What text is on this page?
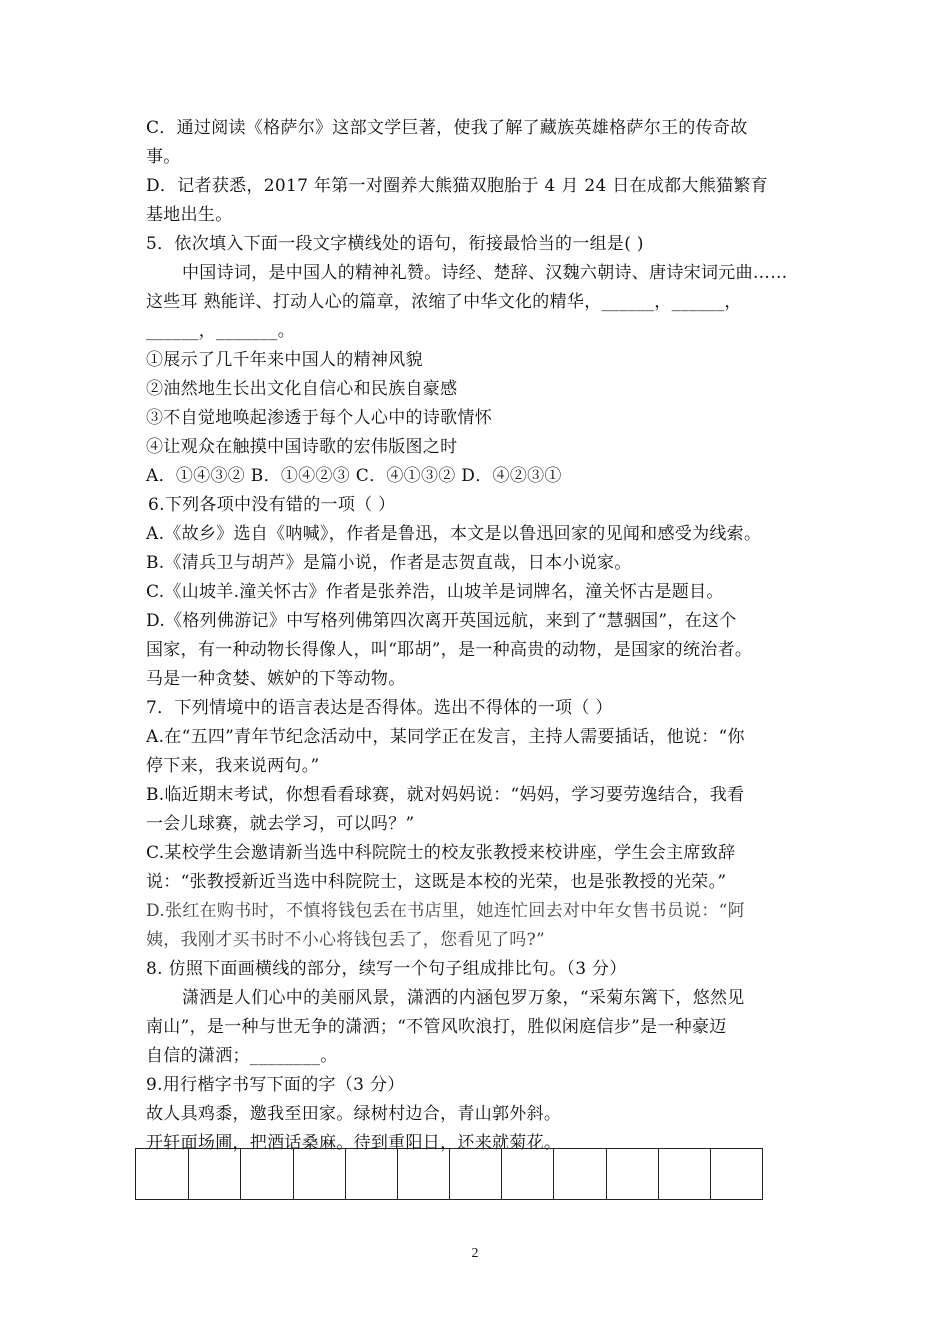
C．通过阅读《格萨尔》这部文学巨著，使我了解了藏族英雄格萨尔王的传奇故
事。
D．记者获悉，2017 年第一对圈养大熊猫双胞胎于 4 月 24 日在成都大熊猫繁育
基地出生。
5．依次填入下面一段文字横线处的语句，衔接最恰当的一组是( )
中国诗词，是中国人的精神礼赞。诗经、楚辞、汉魏六朝诗、唐诗宋词元曲……
这些耳 熟能详、打动人心的篇章，浓缩了中华文化的精华，______，______，
______，_______。
①展示了几千年来中国人的精神风貌
②油然地生长出文化自信心和民族自豪感
③不自觉地唤起渗透于每个人心中的诗歌情怀
④让观众在触摸中国诗歌的宏伟版图之时
A．①④③② B．①④②③ C．④①③② D．④②③①
6.下列各项中没有错的一项（ ）
A.《故乡》选自《呐喊》，作者是鲁迅，本文是以鲁迅回家的见闻和感受为线索。
B.《清兵卫与胡芦》是篇小说，作者是志贺直哉，日本小说家。
C.《山坡羊.潼关怀古》作者是张养浩，山坡羊是词牌名，潼关怀古是题目。
D.《格列佛游记》中写格列佛第四次离开英国远航，来到了“慧骃国”，在这个
国家，有一种动物长得像人，叫“耶胡”，是一种高贵的动物，是国家的统治者。
马是一种贪婪、嫉妒的下等动物。
7．下列情境中的语言表达是否得体。选出不得体的一项（ ）
A.在“五四”青年节纪念活动中，某同学正在发言，主持人需要插话，他说：“你
停下来，我来说两句。”
B.临近期末考试，你想看看球赛，就对妈妈说：“妈妈，学习要劳逸结合，我看
一会儿球赛，就去学习，可以吗？”
C.某校学生会邀请新当选中科院院士的校友张教授来校讲座，学生会主席致辞
说：“张教授新近当选中科院院士，这既是本校的光荣，也是张教授的光荣。”
D.张红在购书时，不慎将钱包丢在书店里，她连忙回去对中年女售书员说：“阿
姨，我刚才买书时不小心将钱包丢了，您看见了吗?”
8. 仿照下面画横线的部分，续写一个句子组成排比句。（3 分）
潇洒是人们心中的美丽风景，潇洒的内涵包罗万象，“采菊东篱下，悠然见
南山”，是一种与世无争的潇洒；“不管风吹浪打，胜似闲庭信步”是一种豪迈
自信的潇洒；________。
9.用行楷字书写下面的字（3 分）
故人具鸡黍，邀我至田家。绿树村边合，青山郭外斜。
开轩面场圃，把酒话桑麻。待到重阳日，还来就菊花。
2
